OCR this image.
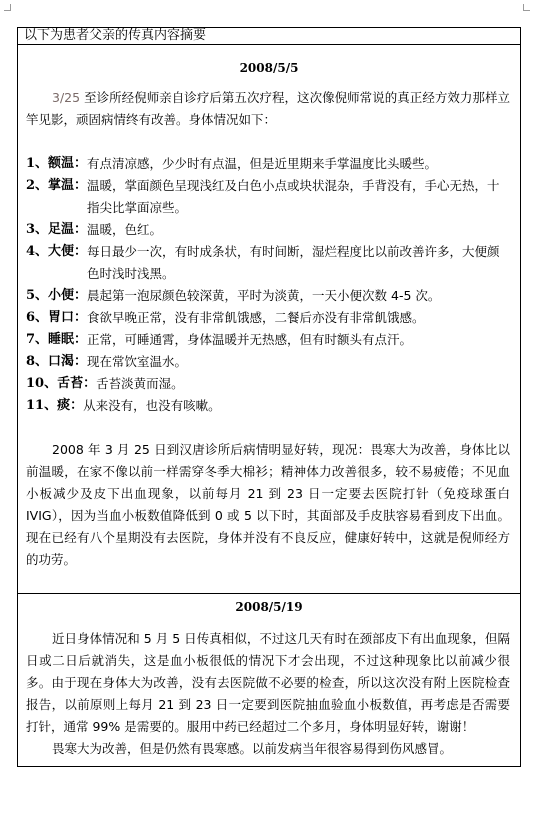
以下为患者父亲的传真内容摘要
2008/5/5

3/25 至诊所经倪师亲自诊疗后第五次疗程，这次像倪师常说的真正经方效力那样立竿见影，顽固病情终有改善。身体情况如下：

1、额温： 有点清凉感，少少时有点温，但是近里期来手掌温度比头暖些。
2、掌温： 温暖，掌面颜色呈现浅红及白色小点或块状混杂，手背没有，手心无热，十指尖比掌面凉些。
3、足温： 温暖，色红。
4、大便： 每日最少一次，有时成条状，有时间断，湿烂程度比以前改善许多，大便颜色时浅时浅黑。
5、小便： 晨起第一泡尿颜色较深黄，平时为淡黄，一天小便次数 4-5 次。
6、胃口： 食欲早晚正常，没有非常飢饿感，二餐后亦没有非常飢饿感。
7、睡眠： 正常，可睡通霄，身体温暖并无热感，但有时额头有点汗。
8、口渴： 现在常饮室温水。
10、舌苔： 舌苔淡黄而湿。
11、痰： 从来没有，也没有咳嗽。

2008 年 3 月 25 日到汉唐诊所后病情明显好转，现况：畏寒大为改善，身体比以前温暖，在家不像以前一样需穿冬季大棉衫；精神体力改善很多，较不易疲倦；不见血小板减少及皮下出血现象，以前每月 21 到 23 日一定要去医院打针（免疫球蛋白 IVIG），因为当血小板数值降低到 0 或 5 以下时，其面部及手皮肤容易看到皮下出血。现在已经有八个星期没有去医院，身体并没有不良反应，健康好转中，这就是倪师经方的功劳。

2008/5/19

近日身体情况和 5 月 5 日传真相似，不过这几天有时在颈部皮下有出血现象，但隔日或二日后就消失，这是血小板很低的情况下才会出现，不过这种现象比以前减少很多。由于现在身体大为改善，没有去医院做不必要的检查，所以这次没有附上医院检查报告，以前原则上每月 21 到 23 日一定要到医院抽血验血小板数值，再考虑是否需要打针，通常 99% 是需要的。服用中药已经超过二个多月，身体明显好转，谢谢！

畏寒大为改善，但是仍然有畏寒感。以前发病当年很容易得到伤风感冒。
